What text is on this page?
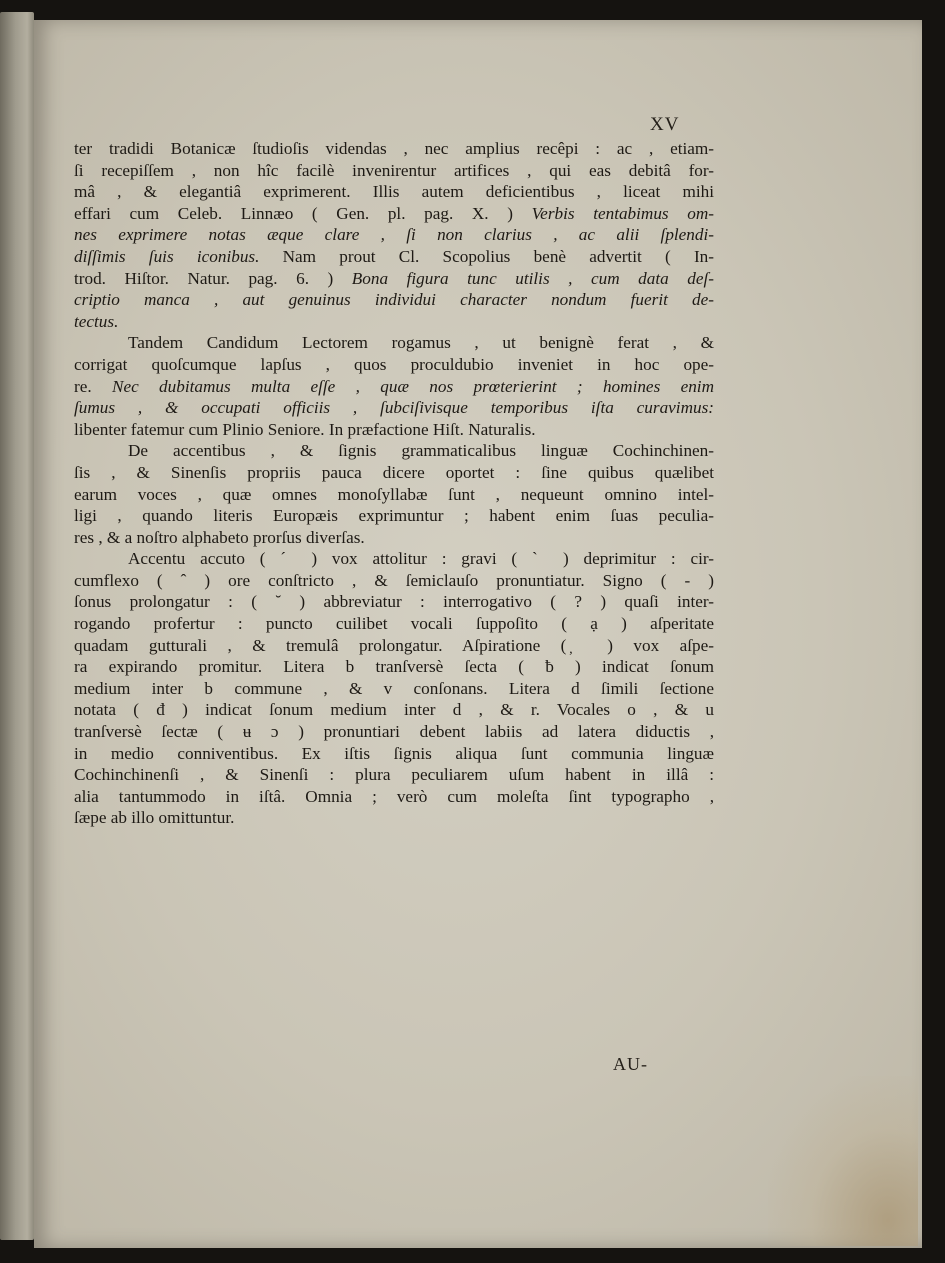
XV
ter tradidi Botanicæ ſtudioſis videndas , nec amplius recêpi : ac , etiam-
ſi recepiſſem , non hîc facilè invenirentur artifices , qui eas debitâ for-
mâ , & elegantiâ exprimerent. Illis autem deficientibus , liceat mihi
effari cum Celeb. Linnæo ( Gen. pl. pag. X. ) Verbis tentabimus om-
nes exprimere notas æque clare , ſi non clarius , ac alii ſplendi-
diſſimis ſuis iconibus. Nam prout Cl. Scopolius benè advertit ( In-
trod. Hiſtor. Natur. pag. 6. ) Bona figura tunc utilis , cum data deſ-
criptio manca , aut genuinus individui character nondum fuerit de-
tectus.
Tandem Candidum Lectorem rogamus , ut benignè ferat , &
corrigat quoſcumque lapſus , quos proculdubio inveniet in hoc ope-
re. Nec dubitamus multa eſſe , quæ nos prœterierint ; homines enim
ſumus , & occupati officiis , ſubciſivisque temporibus iſta curavimus:
libenter fatemur cum Plinio Seniore. In præfactione Hiſt. Naturalis.
De accentibus , & ſignis grammaticalibus linguæ Cochinchinen-
ſis , & Sinenſis propriis pauca dicere oportet : ſine quibus quælibet
earum voces , quæ omnes monoſyllabæ ſunt , nequeunt omnino intel-
ligi , quando literis Europæis exprimuntur ; habent enim ſuas peculia-
res , & a noſtro alphabeto prorſus diverſas.
Accentu accuto ( ˊ ) vox attolitur : gravi ( ˋ ) deprimitur : cir-
cumflexo ( ˆ ) ore conſtricto , & ſemiclauſo pronuntiatur. Signo ( - )
ſonus prolongatur : ( ˘ ) abbreviatur : interrogativo ( ? ) quaſi inter-
rogando profertur : puncto cuilibet vocali ſuppoſito ( ạ ) aſperitate
quadam gutturali , & tremulâ prolongatur. Aſpiratione ( ̦ ) vox aſpe-
ra expirando promitur. Litera b tranſversè ſecta ( ƀ ) indicat ſonum
medium inter b commune , & v conſonans. Litera d ſimili ſectione
notata ( đ ) indicat ſonum medium inter d , & r. Vocales o , & u
tranſversè ſectæ ( ʉ ɔ ) pronuntiari debent labiis ad latera diductis ,
in medio conniventibus. Ex iſtis ſignis aliqua ſunt communia linguæ
Cochinchinenſi , & Sinenſi : plura peculiarem uſum habent in illâ :
alia tantummodo in iſtâ. Omnia ; verò cum moleſta ſint typographo ,
ſæpe ab illo omittuntur.
AU-
